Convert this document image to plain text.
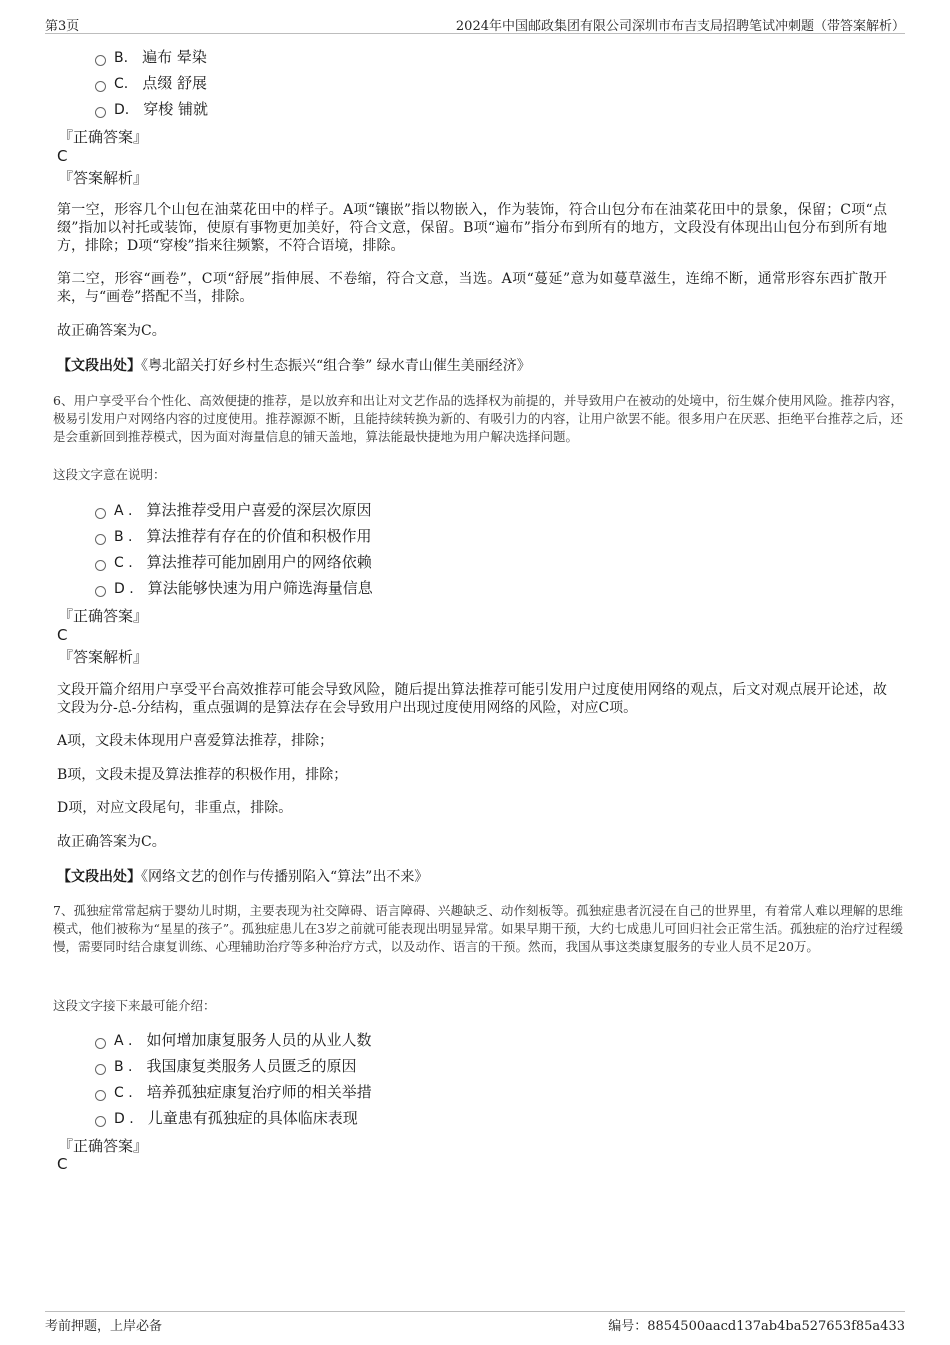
第3页	2024年中国邮政集团有限公司深圳市布吉支局招聘笔试冲刺题（带答案解析）
B. 遍布 晕染
C. 点缀 舒展
D. 穿梭 铺就
『正确答案』
C
『答案解析』
第一空，形容几个山包在油菜花田中的样子。A项“镶嵌”指以物嵌入，作为装饰，符合山包分布在油菜花田中的景象，保留；C项“点缀”指加以衬托或装饰，使原有事物更加美好，符合文意，保留。B项“遍布”指分布到所有的地方，文段没有体现出山包分布到所有地方，排除；D项“穿梭”指来往频繁，不符合语境，排除。
第二空，形容“画卷”，C项“舒展”指伸展、不卷缩，符合文意，当选。A项“蔓延”意为如蔓草滋生，连绵不断，通常形容东西扩散开来，与“画卷”搭配不当，排除。
故正确答案为C。
【文段出处】《粤北韶关打好乡村生态振兴“组合拳” 绿水青山催生美丽经济》
6、用户享受平台个性化、高效便捷的推荐，是以放弃和出让对文艺作品的选择权为前提的，并导致用户在被动的处境中，衍生媒介使用风险。推荐内容，极易引发用户对网络内容的过度使用。推荐源源不断，且能持续转换为新的、有吸引力的内容，让用户欲罢不能。很多用户在厌恶、拒绝平台推荐之后，还是会重新回到推荐模式，因为面对海量信息的铺天盖地，算法能最快捷地为用户解决选择问题。
这段文字意在说明：
A . 算法推荐受用户喜爱的深层次原因
B . 算法推荐有存在的价值和积极作用
C . 算法推荐可能加剧用户的网络依赖
D . 算法能够快速为用户筛选海量信息
『正确答案』
C
『答案解析』
文段开篇介绍用户享受平台高效推荐可能会导致风险，随后提出算法推荐可能引发用户过度使用网络的观点，后文对观点展开论述，故文段为分-总-分结构，重点强调的是算法存在会导致用户出现过度使用网络的风险，对应C项。
A项，文段未体现用户喜爱算法推荐，排除；
B项，文段未提及算法推荐的积极作用，排除；
D项，对应文段尾句，非重点，排除。
故正确答案为C。
【文段出处】《网络文艺的创作与传播别陷入“算法”出不来》
7、孤独症常常起病于婴幼儿时期，主要表现为社交障碍、语言障碍、兴趣缺乏、动作刻板等。孤独症患者沉浸在自己的世界里，有着常人难以理解的思维模式，他们被称为“星星的孩子”。孤独症患儿在3岁之前就可能表现出明显异常。如果早期干预，大约七成患儿可回归社会正常生活。孤独症的治疗过程缓慢，需要同时结合康复训练、心理辅助治疗等多种治疗方式，以及动作、语言的干预。然而，我国从事这类康复服务的专业人员不足20万。
这段文字接下来最可能介绍：
A . 如何增加康复服务人员的从业人数
B . 我国康复类服务人员匮乏的原因
C . 培养孤独症康复治疗师的相关举措
D . 儿童患有孤独症的具体临床表现
『正确答案』
C
考前押题，上岸必备	编号：8854500aacd137ab4ba527653f85a433
